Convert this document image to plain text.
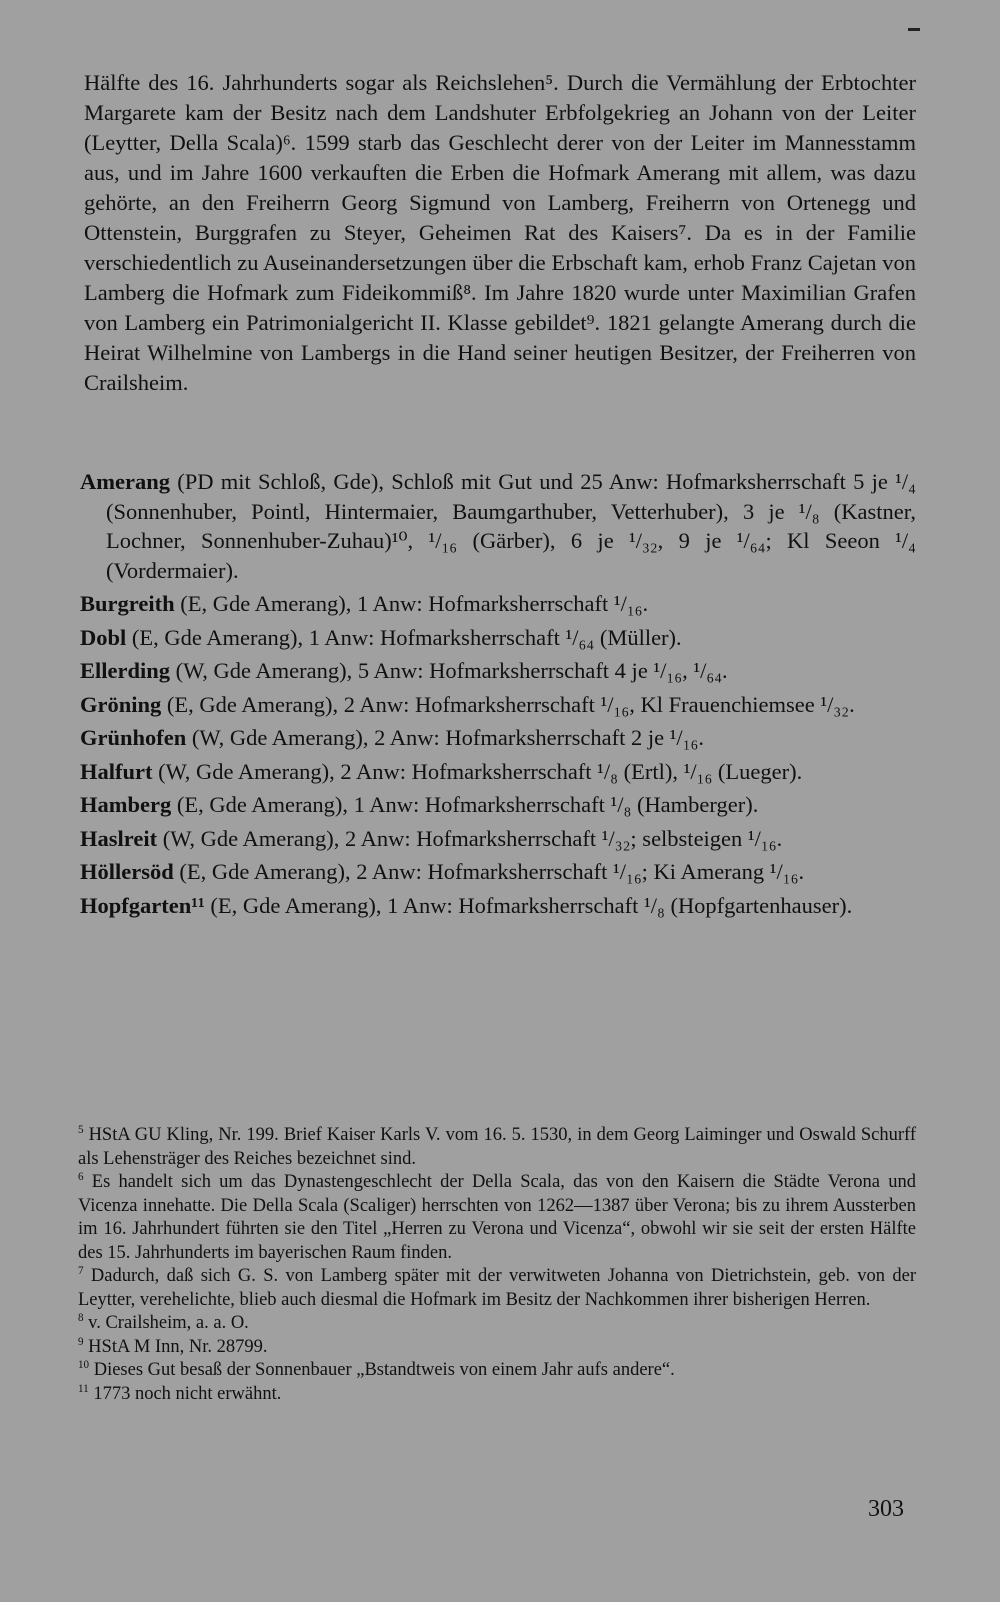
Hälfte des 16. Jahrhunderts sogar als Reichslehen⁵. Durch die Vermählung der Erbtochter Margarete kam der Besitz nach dem Landshuter Erbfolgekrieg an Johann von der Leiter (Leytter, Della Scala)⁶. 1599 starb das Geschlecht derer von der Leiter im Mannesstamm aus, und im Jahre 1600 verkauften die Erben die Hofmark Amerang mit allem, was dazu gehörte, an den Freiherrn Georg Sigmund von Lamberg, Freiherrn von Ortenegg und Ottenstein, Burggrafen zu Steyer, Geheimen Rat des Kaisers⁷. Da es in der Familie verschiedentlich zu Auseinandersetzungen über die Erbschaft kam, erhob Franz Cajetan von Lamberg die Hofmark zum Fideikommiß⁸. Im Jahre 1820 wurde unter Maximilian Grafen von Lamberg ein Patrimonialgericht II. Klasse gebildet⁹. 1821 gelangte Amerang durch die Heirat Wilhelmine von Lambergs in die Hand seiner heutigen Besitzer, der Freiherren von Crailsheim.

Amerang (PD mit Schloß, Gde), Schloß mit Gut und 25 Anw: Hofmarksherrschaft 5 je ¹/₄ (Sonnenhuber, Pointl, Hintermaier, Baumgarthuber, Vetterhuber), 3 je ¹/₈ (Kastner, Lochner, Sonnenhuber-Zuhau)¹⁰, ¹/₁₆ (Gärber), 6 je ¹/₃₂, 9 je ¹/₆₄; Kl Seeon ¹/₄ (Vordermaier).
Burgreith (E, Gde Amerang), 1 Anw: Hofmarksherrschaft ¹/₁₆.
Dobl (E, Gde Amerang), 1 Anw: Hofmarksherrschaft ¹/₆₄ (Müller).
Ellerding (W, Gde Amerang), 5 Anw: Hofmarksherrschaft 4 je ¹/₁₆, ¹/₆₄.
Gröning (E, Gde Amerang), 2 Anw: Hofmarksherrschaft ¹/₁₆, Kl Frauenchiemsee ¹/₃₂.
Grünhofen (W, Gde Amerang), 2 Anw: Hofmarksherrschaft 2 je ¹/₁₆.
Halfurt (W, Gde Amerang), 2 Anw: Hofmarksherrschaft ¹/₈ (Ertl), ¹/₁₆ (Lueger).
Hamberg (E, Gde Amerang), 1 Anw: Hofmarksherrschaft ¹/₈ (Hamberger).
Haslreit (W, Gde Amerang), 2 Anw: Hofmarksherrschaft ¹/₃₂; selbsteigen ¹/₁₆.
Höllersöd (E, Gde Amerang), 2 Anw: Hofmarksherrschaft ¹/₁₆; Ki Amerang ¹/₁₆.
Hopfgarten¹¹ (E, Gde Amerang), 1 Anw: Hofmarksherrschaft ¹/₈ (Hopfgartenhauser).
$^5$ HStA GU Kling, Nr. 199. Brief Kaiser Karls V. vom 16. 5. 1530, in dem Georg Laiminger und Oswald Schurff als Lehensträger des Reiches bezeichnet sind.
$^6$ Es handelt sich um das Dynastengeschlecht der Della Scala, das von den Kaisern die Städte Verona und Vicenza innehatte. Die Della Scala (Scaliger) herrschten von 1262—1387 über Verona; bis zu ihrem Aussterben im 16. Jahrhundert führten sie den Titel „Herren zu Verona und Vicenza“, obwohl wir sie seit der ersten Hälfte des 15. Jahrhunderts im bayerischen Raum finden.
$^7$ Dadurch, daß sich G. S. von Lamberg später mit der verwitweten Johanna von Dietrichstein, geb. von der Leytter, verehelichte, blieb auch diesmal die Hofmark im Besitz der Nachkommen ihrer bisherigen Herren.
$^8$ v. Crailsheim, a. a. O.
$^9$ HStA M Inn, Nr. 28799.
$^{10}$ Dieses Gut besaß der Sonnenbauer „Bstandtweis von einem Jahr aufs andere“.
$^{11}$ 1773 noch nicht erwähnt.
303
